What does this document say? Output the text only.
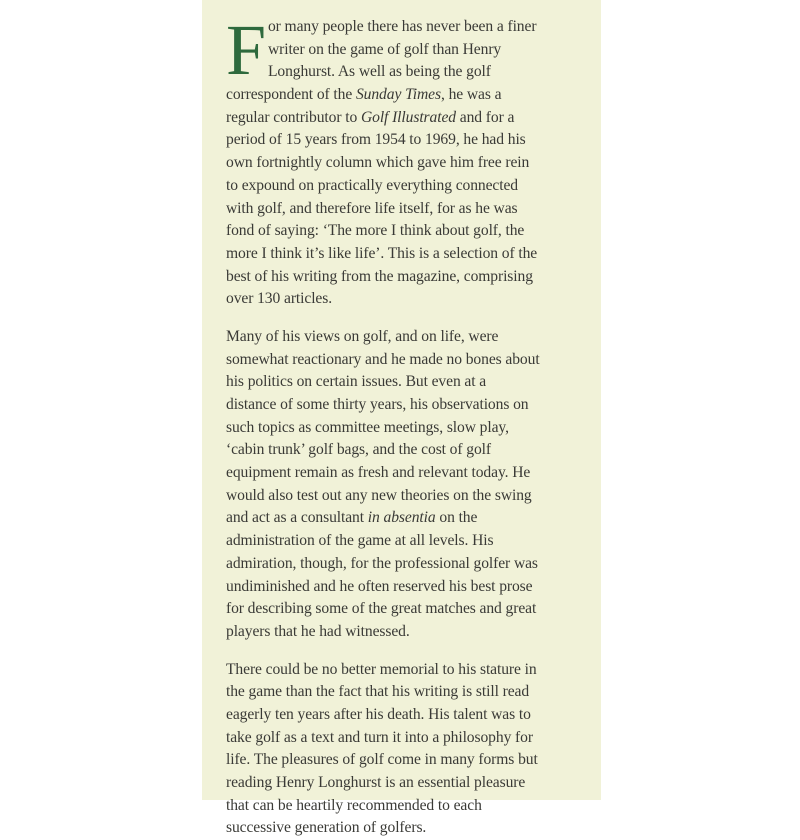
F or many people there has never been a finer
writer on the game of golf than Henry
Longhurst. As well as being the golf
correspondent of the Sunday Times, he was a
regular contributor to Golf Illustrated and for a
period of 15 years from 1954 to 1969, he had his
own fortnightly column which gave him free rein
to expound on practically everything connected
with golf, and therefore life itself, for as he was
fond of saying: ‘The more I think about golf, the
more I think it’s like life’. This is a selection of the
best of his writing from the magazine, comprising
over 130 articles.
Many of his views on golf, and on life, were
somewhat reactionary and he made no bones about
his politics on certain issues. But even at a
distance of some thirty years, his observations on
such topics as committee meetings, slow play,
‘cabin trunk’ golf bags, and the cost of golf
equipment remain as fresh and relevant today. He
would also test out any new theories on the swing
and act as a consultant in absentia on the
administration of the game at all levels. His
admiration, though, for the professional golfer was
undiminished and he often reserved his best prose
for describing some of the great matches and great
players that he had witnessed.
There could be no better memorial to his stature in
the game than the fact that his writing is still read
eagerly ten years after his death. His talent was to
take golf as a text and turn it into a philosophy for
life. The pleasures of golf come in many forms but
reading Henry Longhurst is an essential pleasure
that can be heartily recommended to each
successive generation of golfers.
